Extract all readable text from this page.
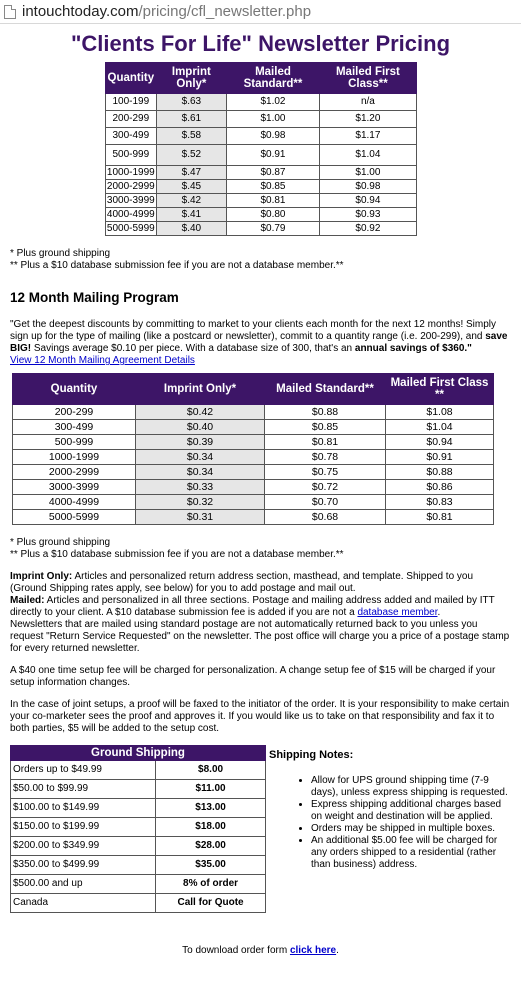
intouchtoday.com /pricing/cfl_newsletter.php
"Clients For Life" Newsletter Pricing
Quantity	Imprint Only*	Mailed Standard**	Mailed First Class**
100-199	$.63	$1.02	n/a
200-299	$.61	$1.00	$1.20
300-499	$.58	$0.98	$1.17
500-999	$.52	$0.91	$1.04
1000-1999	$.47	$0.87	$1.00
2000-2999	$.45	$0.85	$0.98
3000-3999	$.42	$0.81	$0.94
4000-4999	$.41	$0.80	$0.93
5000-5999	$.40	$0.79	$0.92
* Plus ground shipping
** Plus a $10 database submission fee if you are not a database member.**
12 Month Mailing Program

"Get the deepest discounts by committing to market to your clients each month for the next 12 months! Simply sign up for the type of mailing (like a postcard or newsletter), commit to a quantity range (i.e. 200-299), and save BIG! Savings average $0.10 per piece. With a database size of 300, that's an annual savings of $360."

View 12 Month Mailing Agreement Details

Quantity	Imprint Only*	Mailed Standard**	Mailed First Class **
200-299	$0.42	$0.88	$1.08
300-499	$0.40	$0.85	$1.04
500-999	$0.39	$0.81	$0.94
1000-1999	$0.34	$0.78	$0.91
2000-2999	$0.34	$0.75	$0.88
3000-3999	$0.33	$0.72	$0.86
4000-4999	$0.32	$0.70	$0.83
5000-5999	$0.31	$0.68	$0.81
* Plus ground shipping
** Plus a $10 database submission fee if you are not a database member.**

Imprint Only: Articles and personalized return address section, masthead, and template. Shipped to you (Ground Shipping rates apply, see below) for you to add postage and mail out.

Mailed: Articles and personalized in all three sections. Postage and mailing address added and mailed by ITT directly to your client. A $10 database submission fee is added if you are not a database member.

Newsletters that are mailed using standard postage are not automatically returned back to you unless you request "Return Service Requested" on the newsletter. The post office will charge you a price of a postage stamp for every returned newsletter.

A $40 one time setup fee will be charged for personalization. A change setup fee of $15 will be charged if your setup information changes.

In the case of joint setups, a proof will be faxed to the initiator of the order. It is your responsibility to make certain your co-marketer sees the proof and approves it. If you would like us to take on that responsibility and fax it to both parties, $5 will be added to the setup cost.

Ground Shipping	
Orders up to $49.99	$8.00
$50.00 to $99.99	$11.00
$100.00 to $149.99	$13.00
$150.00 to $199.99	$18.00
$200.00 to $349.99	$28.00
$350.00 to $499.99	$35.00
$500.00 and up	8% of order
Canada	Call for Quote
Shipping Notes:
• Allow for UPS ground shipping time (7-9 days), unless express shipping is requested.
• Express shipping additional charges based on weight and destination will be applied.
• Orders may be shipped in multiple boxes.
• An additional $5.00 fee will be charged for any orders shipped to a residential (rather than business) address.
To download order form click here.
